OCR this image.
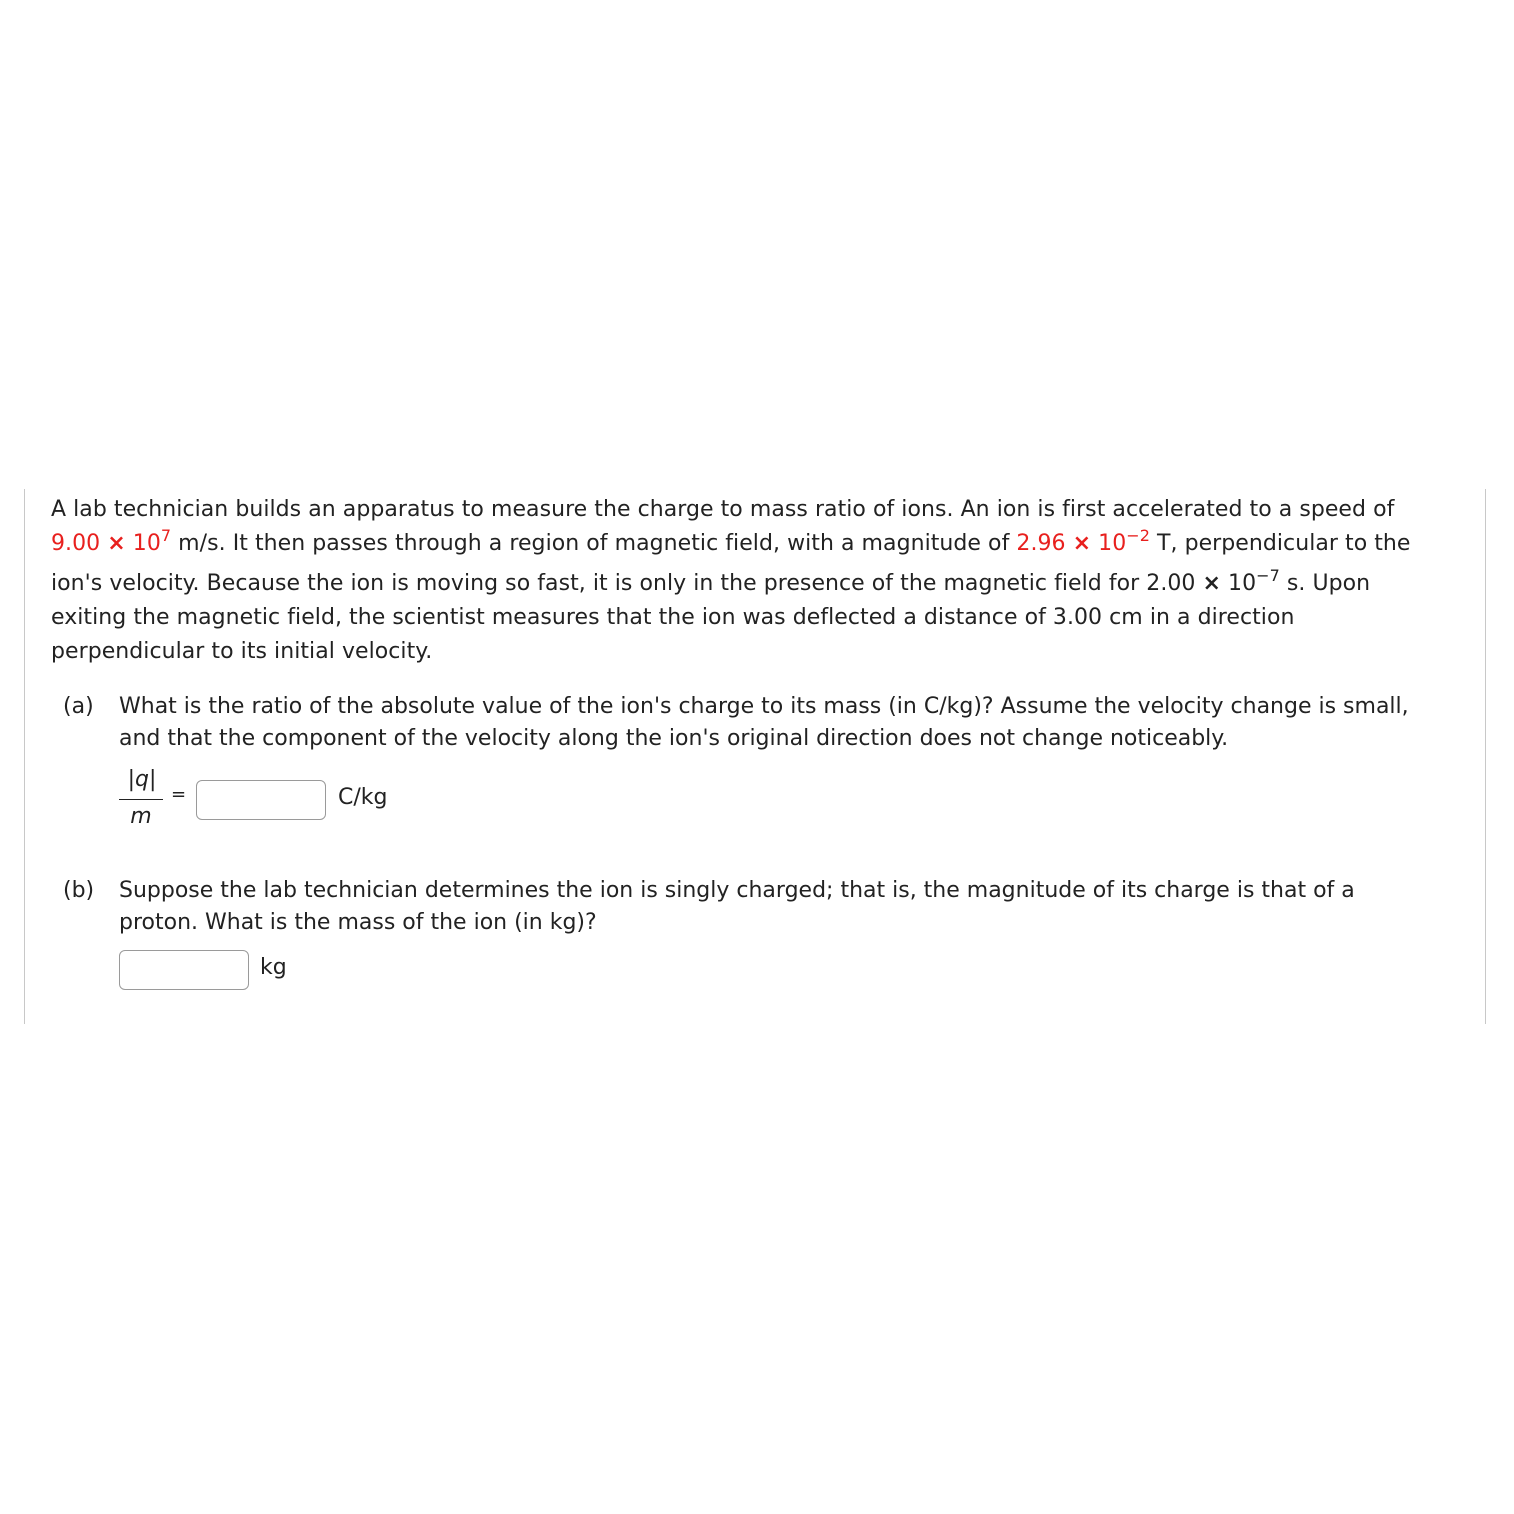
A lab technician builds an apparatus to measure the charge to mass ratio of ions. An ion is first accelerated to a speed of
$9.00 \times 10^7$ m/s. It then passes through a region of magnetic field, with a magnitude of $2.96 \times 10^{-2}$ T, perpendicular to the
ion's velocity. Because the ion is moving so fast, it is only in the presence of the magnetic field for $2.00 \times 10^{-7}$ s. Upon
exiting the magnetic field, the scientist measures that the ion was deflected a distance of 3.00 cm in a direction
perpendicular to its initial velocity.
(a) What is the ratio of the absolute value of the ion's charge to its mass (in C/kg)? Assume the velocity change is small,
and that the component of the velocity along the ion's original direction does not change noticeably.
|q|
m
=	C/kg
(b) Suppose the lab technician determines the ion is singly charged; that is, the magnitude of its charge is that of a
proton. What is the mass of the ion (in kg)?
kg
